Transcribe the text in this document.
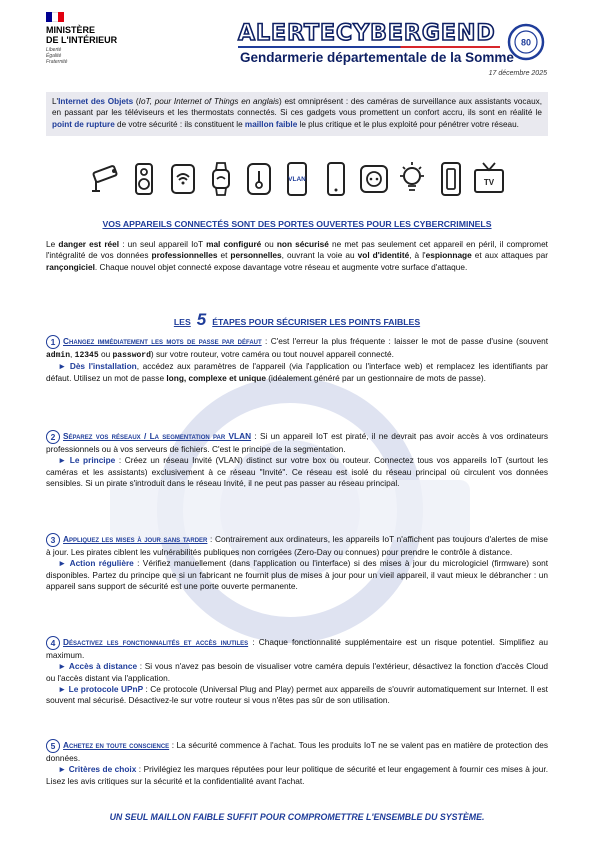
MINISTÈRE
DE L'INTÉRIEUR
Liberté
Égalité
Fraternité
ALERTECYBERGEND	80
Gendarmerie départementale de la Somme
17 décembre 2025
L'Internet des Objets (IoT, pour Internet of Things en anglais) est omniprésent : des caméras de surveillance aux assistants vocaux, en passant par les téléviseurs et les thermostats connectés. Si ces gadgets vous promettent un confort accru, ils sont en réalité le point de rupture de votre sécurité : ils constituent le maillon faible le plus critique et le plus exploité pour pénétrer votre réseau.
VLAN	TV
VOS APPAREILS CONNECTÉS SONT DES PORTES OUVERTES POUR LES CYBERCRIMINELS
Le danger est réel : un seul appareil IoT mal configuré ou non sécurisé ne met pas seulement cet appareil en péril, il compromet l'intégralité de vos données professionnelles et personnelles, ouvrant la voie au vol d'identité, à l'espionnage et aux attaques par rançongiciel. Chaque nouvel objet connecté expose davantage votre réseau et augmente votre surface d'attaque.
LES 5 ÉTAPES POUR SÉCURISER LES POINTS FAIBLES
1 Changez immédiatement les mots de passe par défaut : C'est l'erreur la plus fréquente : laisser le mot de passe d'usine (souvent admin, 12345 ou password) sur votre routeur, votre caméra ou tout nouvel appareil connecté.
► Dès l'installation, accédez aux paramètres de l'appareil (via l'application ou l'interface web) et remplacez les identifiants par défaut. Utilisez un mot de passe long, complexe et unique (idéalement généré par un gestionnaire de mots de passe).
2 Séparez vos réseaux / La segmentation par VLAN : Si un appareil IoT est piraté, il ne devrait pas avoir accès à vos ordinateurs professionnels ou à vos serveurs de fichiers. C'est le principe de la segmentation.
► Le principe : Créez un réseau Invité (VLAN) distinct sur votre box ou routeur. Connectez tous vos appareils IoT (surtout les caméras et les assistants) exclusivement à ce réseau "Invité". Ce réseau est isolé du réseau principal où circulent vos données sensibles. Si un pirate s'introduit dans le réseau Invité, il ne peut pas passer au réseau principal.
3 Appliquez les mises à jour sans tarder : Contrairement aux ordinateurs, les appareils IoT n'affichent pas toujours d'alertes de mise à jour. Les pirates ciblent les vulnérabilités publiques non corrigées (Zero-Day ou connues) pour prendre le contrôle à distance.
► Action régulière : Vérifiez manuellement (dans l'application ou l'interface) si des mises à jour du micrologiciel (firmware) sont disponibles. Partez du principe que si un fabricant ne fournit plus de mises à jour pour un vieil appareil, il vaut mieux le débrancher : un appareil sans support de sécurité est une porte ouverte permanente.
4 Désactivez les fonctionnalités et accès inutiles : Chaque fonctionnalité supplémentaire est un risque potentiel. Simplifiez au maximum.
► Accès à distance : Si vous n'avez pas besoin de visualiser votre caméra depuis l'extérieur, désactivez la fonction d'accès Cloud ou l'accès distant via l'application.
► Le protocole UPnP : Ce protocole (Universal Plug and Play) permet aux appareils de s'ouvrir automatiquement sur Internet. Il est souvent mal sécurisé. Désactivez-le sur votre routeur si vous n'êtes pas sûr de son utilisation.
5 Achetez en toute conscience : La sécurité commence à l'achat. Tous les produits IoT ne se valent pas en matière de protection des données.
► Critères de choix : Privilégiez les marques réputées pour leur politique de sécurité et leur engagement à fournir ces mises à jour. Lisez les avis critiques sur la sécurité et la confidentialité avant l'achat.
UN SEUL MAILLON FAIBLE SUFFIT POUR COMPROMETTRE L'ENSEMBLE DU SYSTÈME.
